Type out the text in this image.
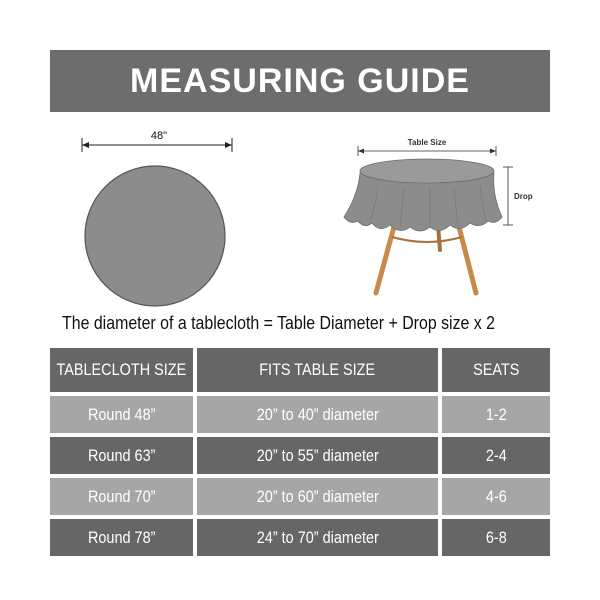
MEASURING GUIDE
48"
Table Size
Drop
The diameter of a tablecloth = Table Diameter + Drop size x 2
TABLECLOTH SIZE	FITS TABLE SIZE	SEATS
Round 48”	20” to 40” diameter	1-2
Round 63”	20” to 55” diameter	2-4
Round 70”	20” to 60” diameter	4-6
Round 78”	24” to 70” diameter	6-8
